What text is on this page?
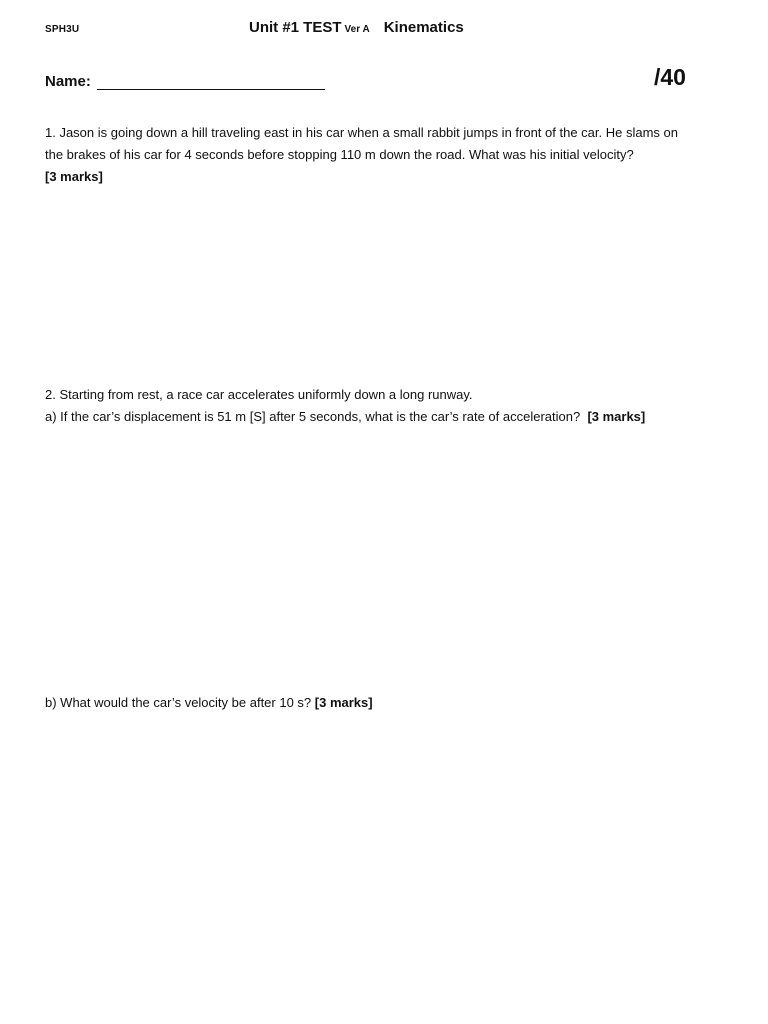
SPH3U	Unit #1 TEST Ver A Kinematics
Name:	/40
1. Jason is going down a hill traveling east in his car when a small rabbit jumps in front of the car. He slams on
the brakes of his car for 4 seconds before stopping 110 m down the road. What was his initial velocity?
[3 marks]
2. Starting from rest, a race car accelerates uniformly down a long runway.
a) If the car’s displacement is 51 m [S] after 5 seconds, what is the car’s rate of acceleration? [3 marks]
b) What would the car’s velocity be after 10 s? [3 marks]
